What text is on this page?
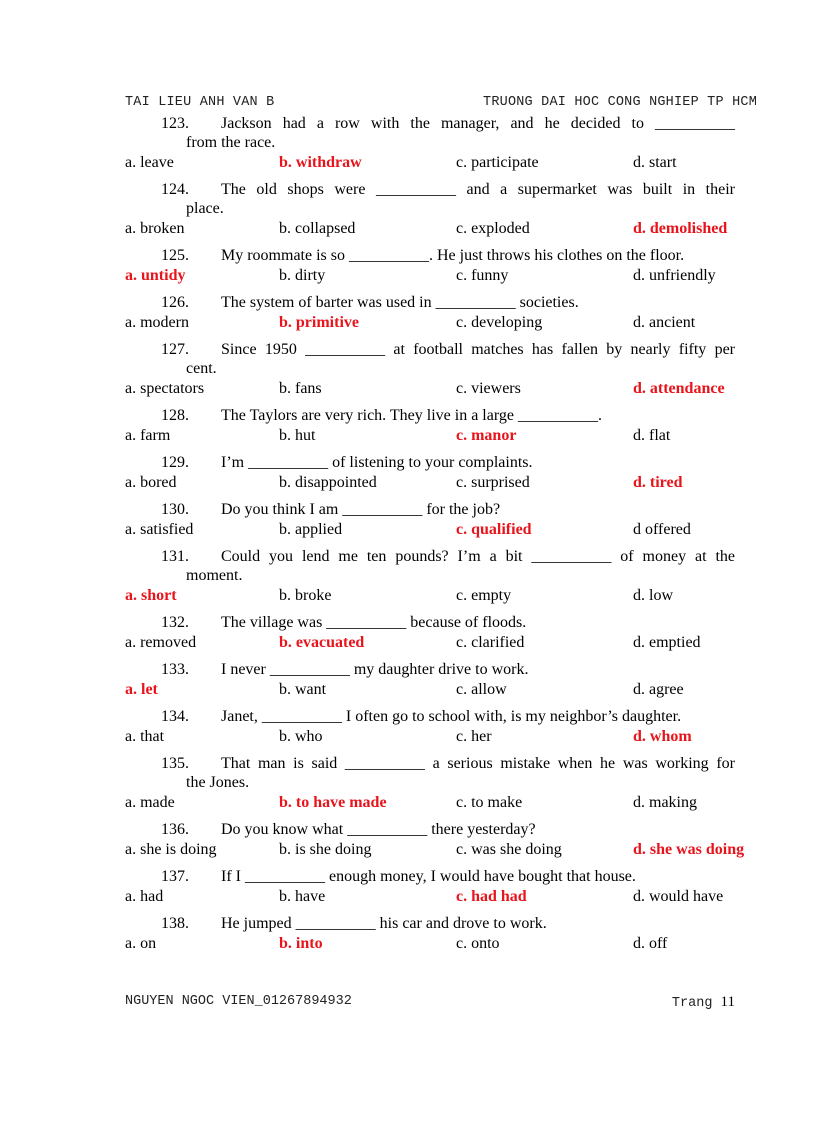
TAI LIEU ANH VAN B	TRUONG DAI HOC CONG NGHIEP TP HCM
123.	Jackson had a row with the manager, and he decided to __________
from the race.
a. leave	b. withdraw	c. participate	d. start
124.	The old shops were __________ and a supermarket was built in their
place.
a. broken	b. collapsed	c. exploded	d. demolished
125.	My roommate is so __________. He just throws his clothes on the floor.
a. untidy	b. dirty	c. funny	d. unfriendly
126.	The system of barter was used in __________ societies.
a. modern	b. primitive	c. developing	d. ancient
127.	Since 1950 __________ at football matches has fallen by nearly fifty per
cent.
a. spectators	b. fans	c. viewers	d. attendance
128.	The Taylors are very rich. They live in a large __________.
a. farm	b. hut	c. manor	d. flat
129.	I’m __________ of listening to your complaints.
a. bored	b. disappointed	c. surprised	d. tired
130.	Do you think I am __________ for the job?
a. satisfied	b. applied	c. qualified	d offered
131.	Could you lend me ten pounds? I’m a bit __________ of money at the
moment.
a. short	b. broke	c. empty	d. low
132.	The village was __________ because of floods.
a. removed	b. evacuated	c. clarified	d. emptied
133.	I never __________ my daughter drive to work.
a. let	b. want	c. allow	d. agree
134.	Janet, __________ I often go to school with, is my neighbor’s daughter.
a. that	b. who	c. her	d. whom
135.	That man is said __________ a serious mistake when he was working for
the Jones.
a. made	b. to have made	c. to make	d. making
136.	Do you know what __________ there yesterday?
a. she is doing	b. is she doing	c. was she doing	d. she was doing
137.	If I __________ enough money, I would have bought that house.
a. had	b. have	c. had had	d. would have
138.	He jumped __________ his car and drove to work.
a. on	b. into	c. onto	d. off
NGUYEN NGOC VIEN_01267894932	Trang 11
